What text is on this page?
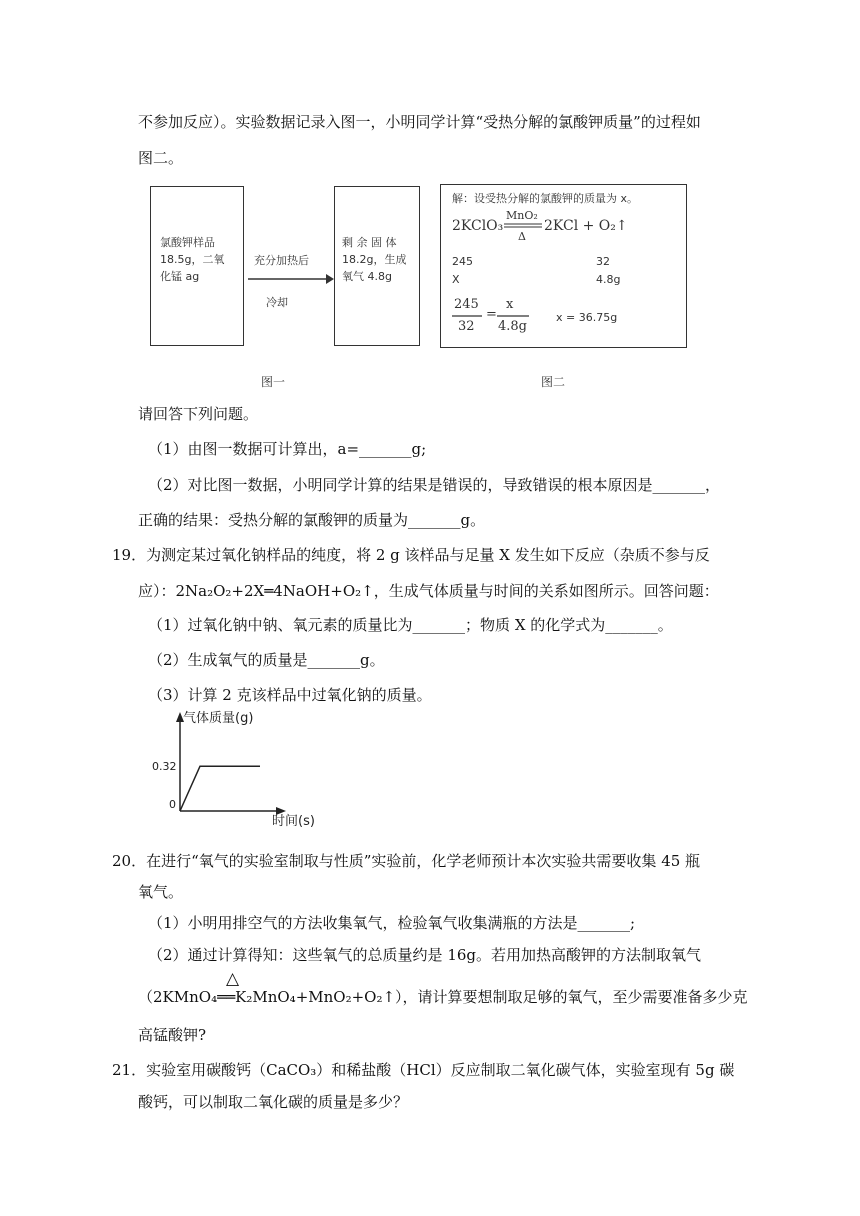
不参加反应）。实验数据记录入图一，小明同学计算“受热分解的氯酸钾质量”的过程如
图二。
氯酸钾样品
18.5g，二氧
化锰 ag
充分加热后
冷却
剩 余 固 体
18.2g，生成
氧气 4.8g
图一
解：设受热分解的氯酸钾的质量为 x。
2KClO₃
MnO₂
Δ
2KCl + O₂↑
245	32
X	4.8g
245
32
=
x
4.8g
x = 36.75g
图二
请回答下列问题。
（1）由图一数据可计算出，a=_______g;
（2）对比图一数据，小明同学计算的结果是错误的，导致错误的根本原因是_______，
正确的结果：受热分解的氯酸钾的质量为_______g。
19．为测定某过氧化钠样品的纯度，将 2 g 该样品与足量 X 发生如下反应（杂质不参与反
应）：2Na₂O₂+2X═4NaOH+O₂↑，生成气体质量与时间的关系如图所示。回答问题：
（1）过氧化钠中钠、氧元素的质量比为_______；物质 X 的化学式为_______。
（2）生成氧气的质量是_______g。
（3）计算 2 克该样品中过氧化钠的质量。
气体质量(g)
时间(s)
0
0.32
20．在进行“氧气的实验室制取与性质”实验前，化学老师预计本次实验共需要收集 45 瓶
氧气。
（1）小明用排空气的方法收集氧气，检验氧气收集满瓶的方法是_______;
（2）通过计算得知：这些氧气的总质量约是 16g。若用加热高酸钾的方法制取氧气
△
（2KMnO₄══K₂MnO₄+MnO₂+O₂↑），请计算要想制取足够的氧气，至少需要准备多少克
高锰酸钾?
21．实验室用碳酸钙（CaCO₃）和稀盐酸（HCl）反应制取二氧化碳气体，实验室现有 5g 碳
酸钙，可以制取二氧化碳的质量是多少？
